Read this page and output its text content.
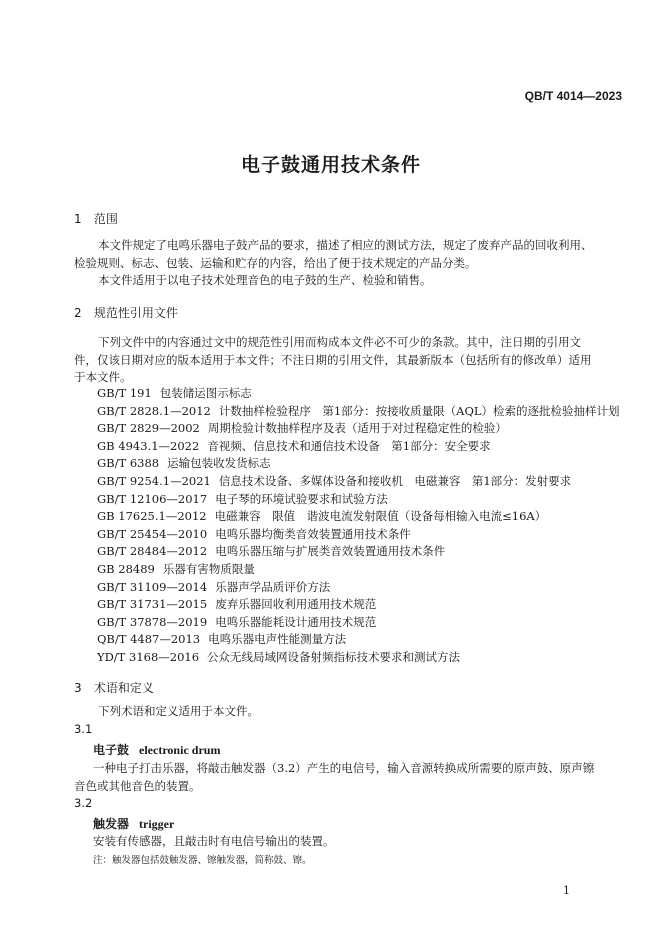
QB/T 4014—2023
电子鼓通用技术条件
1 范围
本文件规定了电鸣乐器电子鼓产品的要求，描述了相应的测试方法，规定了废弃产品的回收利用、检验规则、标志、包装、运输和贮存的内容，给出了便于技术规定的产品分类。
本文件适用于以电子技术处理音色的电子鼓的生产、检验和销售。
2 规范性引用文件
下列文件中的内容通过文中的规范性引用而构成本文件必不可少的条款。其中，注日期的引用文件，仅该日期对应的版本适用于本文件；不注日期的引用文件，其最新版本（包括所有的修改单）适用于本文件。
GB/T 191 包装储运图示标志
GB/T 2828.1—2012 计数抽样检验程序　第1部分：按接收质量限（AQL）检索的逐批检验抽样计划
GB/T 2829—2002 周期检验计数抽样程序及表（适用于对过程稳定性的检验）
GB 4943.1—2022 音视频、信息技术和通信技术设备　第1部分：安全要求
GB/T 6388 运输包装收发货标志
GB/T 9254.1—2021 信息技术设备、多媒体设备和接收机　电磁兼容　第1部分：发射要求
GB/T 12106—2017 电子琴的环境试验要求和试验方法
GB 17625.1—2012 电磁兼容　限值　谐波电流发射限值（设备每相输入电流≤16A）
GB/T 25454—2010 电鸣乐器均衡类音效装置通用技术条件
GB/T 28484—2012 电鸣乐器压缩与扩展类音效装置通用技术条件
GB 28489 乐器有害物质限量
GB/T 31109—2014 乐器声学品质评价方法
GB/T 31731—2015 废弃乐器回收利用通用技术规范
GB/T 37878—2019 电鸣乐器能耗设计通用技术规范
QB/T 4487—2013 电鸣乐器电声性能测量方法
YD/T 3168—2016 公众无线局域网设备射频指标技术要求和测试方法
3 术语和定义
下列术语和定义适用于本文件。
3.1
电子鼓 electronic drum
一种电子打击乐器，将敲击触发器（3.2）产生的电信号，输入音源转换成所需要的原声鼓、原声镲音色或其他音色的装置。
3.2
触发器 trigger
安装有传感器，且敲击时有电信号输出的装置。
注：触发器包括鼓触发器、镲触发器，简称鼓、镲。
1
